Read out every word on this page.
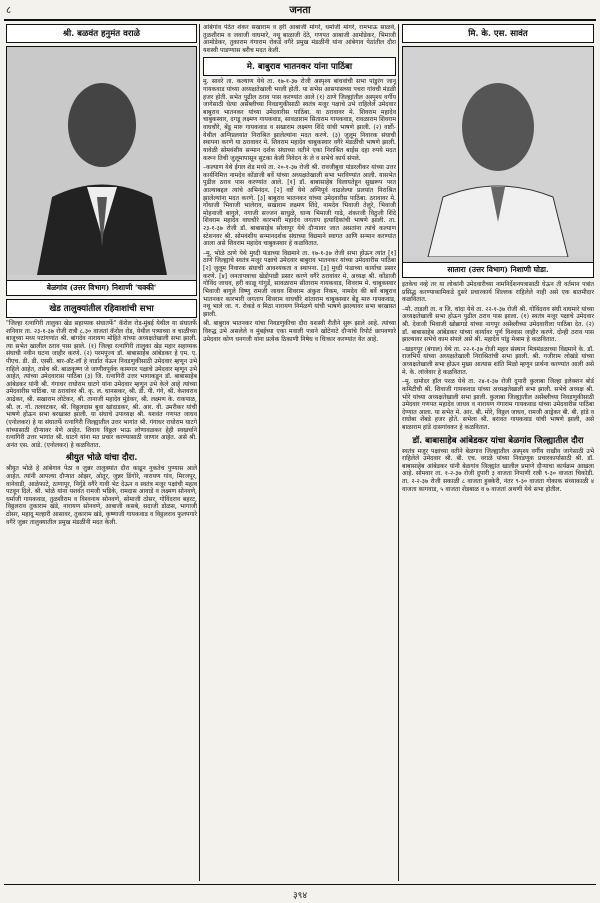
८	जनता
श्री. बळवंत हनुमंत वराळे
बेळगांव (उत्तर विभाग) निशाणी 'चक्की'
खेड तालुक्यांतील रहिवाशांची सभा

"जिल्हा रत्नागिरी तालुका खेड सहाय्यक संघातर्फे" कॅरोल रोड-मुंबई येथील या संघातर्फे शनिवार ता. २३-१-३७ रोजी रात्रौ ८.३० वाजतां कॅरोल रोड, येथील पत्र्याच्या व चाळीच्या बाजूच्या मध्य पटांगणांत श्री. बांगदेव नारायण मोहिते यांच्या अध्यक्षतेखाली सभा झाली. त्या सभेत खालील ठराव पास झाले. (१) जिल्हा रत्नागिरी तालुका खेड महार सहाय्यक संघाची नवीन घटना जाहीर करणे. (२) परमपूज्य डॉ. बाबासाहेब आंबेडकर हे एम. ए. पीएच. डी. डी. एस्सी. बार-अ‍ॅट-लॉ हे वार्डात येऊन निवडणुकीसाठी उमेदवार म्हणून उभे राहिले आहेत, तसेच श्री. बाळकृष्ण जे जाणीवपूर्वक कामगार पक्षाचे उमेदवार म्हणून उभे आहेत, त्यांच्या उमेदवारास पाठिंबा (३) जि. रत्नागिरी उत्तर भागाकडून डॉ. बाबासाहेब आंबेडकर यांनी श्री. गंगाधर राघोराम घाटगे यांना उमेदवार म्हणून उभे केले आहे त्यांच्या उमेदवारीस पाठिंबा. या ठरावांवर श्री. कृ. ल. धानसकर, श्री. डी. पी. गंगे, श्री. केशवराव आद्रेकर, श्री. सखाराम लोटेकर, श्री. तानाजी महादेव मुंडेकर, श्री. लक्ष्मण के. राकपाळ, श्री. ल. गो. तलवटकर, श्री. विठ्ठलदास बुवा खांदाडकर, श्री. आर. वी. उमरीकर यांची भाषणे होऊन सभा बरखास्त झाली. या संघाचे उपाध्यक्ष श्री. यशवंत गणपत जाधव (एनोलकर) हे या संघातर्फे रत्नागिरी जिल्ह्यातील उत्तर भागांत श्री. गंगाधर राघोराम घाटगे यांच्यासाठी दौऱ्यावर येणे आहेत. शिवाय विठ्ठल भाऊ लोणावळकर हेही स्वखर्चाने रत्नागिरी उत्तर भागांत श्री. घाटगे यांना मत प्रचार करण्यासाठी जाणार आहेत. असे श्री. अनंत एस. आडे. (एनोलकर) हे कळवितात.

श्रीयुत भोळे यांचा दौरा.

श्रीयुत भोळे हे आंबेगाव पेठा व जुन्नर तालुक्यांत दौरा काढून नुकतेच पुण्यास आले आहेत. त्यांनी आपल्या दौऱ्यात ओझर, ओतूर, जुन्नर डिंगोरे, नारायण गांव, मिरजपूर, वानेवाडी, आळेफाटे, ठाणापूर, निर्गुडे वगैरे गावी भेट देऊन व स्वतंत्र मजूर पक्षांची महत्व पटवून दिले. श्री. भोळे यांना यशवंत रामजी भडिके, रामदास आवाडे व लक्ष्मण सोनवणे, धर्माजी गायकवाड, तुळशीराम व विश्वनाथ सोनवणे, सोमाजी ठोसर, गोविंदराव बहरट, विठ्ठलराव तुकाराम खंडे, नारायण सोनवणे, आबाजी कसबे, सदाजी डोळस, भागाजी ठोसर, महादू मल्हारी आसावर, तुकाराम खंडे, कृष्णाजी गायकवाड व विठ्ठलराव फुलपगारे वगैरे जुन्नर तालुक्यातील प्रमुख मंडळींनी मदत केली.

आंबेगांव पेठेत शंकर सखाराम व हरी आबाजी मांगरे, धर्माजी मांगरे, रामभाऊ साळवे, तुळशीराम व जवाजी वाघमारे, नथू बाळाजी देठे, गणपत आबाजी आमोडेकर, भिमाजी आमोडेकर, तुकाराम गंगाराम रोकडे वगैरे प्रमुख मंडळींनी यांना आंबेगाव पेठांतील दौरा यशस्वी पाडण्यास बरीच मदत केली.

मे. बाबुराव भातनकर यांना पाठिंबा

मु. सावरे ता. कल्याण येथे ता. १७-१-३७ रोजी अस्पृश्य बांधवांची सभा पांडुरंग जानू गायकवाड यांच्या अध्यक्षतेखाली भरली होती. या सभेस आसपासच्या पचरा गांवची मंडळी हजर होती. सभेत पुढील ठराव पास करण्यांत आले (१) ठाणे जिल्ह्यांतील अस्पृश्य वर्गीय जागेसाठी धेत्या असेंब्लीच्या निवडणुकीसाठी स्वतंत्र मजूर पक्षाचे उभे राहिलेले उमेदवार बाबुराव भातनकर यांच्या उमेदवारीस पाठिंबा. या ठरावावर मे. शिवराम महादेव चाबुकस्वार, दगडू लक्ष्मण गायकवाड, सावळाराम सिताराम गायकवाड, रावळाराम शिवराम वाघचौरे, बेंडू मारु गायकवाड व सखाराम लक्ष्मण शिंदे यांची भाषणे झाली. (२) वर्ष्टोंः- येथील अग्निप्रलयांत निराश्रित झालेल्यांना मदत करणे. (३) जुलूम निवारक संघाची स्थापना करणे या ठरावावर मे. शिवराम महादेव चाबुकस्वार वगैरे मंडळींची भाषणे झाली. यावेळी सोमवंशीय सन्मान दर्शक संघाच्या वतीने एका निराश्रित बाईस दहा रुपये मदत करून तिची जुलूमापासून सुटका केली निवेदन के ले व सभेचे कार्य संपले.

–कल्याण येथे ईगल शेड मध्ये ता. २०-१-३७ रोजी श्री. रावजीबुवा पांडरलीकर यांच्या उत्तर कार्यनिमित्त नामदेव कोंडाजी बर्वे यांच्या अध्यक्षतेखाली सभा भरविण्यांत आली. यासभेत पुढील ठराव पास करण्यांत आले. [१] डॉ. बाबासाहेब विलायतेहून सुखरूप परत आल्याबद्दल त्यांचे अभिनंदन. [२] वर्ष्टे येथे अग्निपूर्व वाढलेल्या प्रलयांत निराश्रित झालेल्यांना मदत करणे. [३] बाबुराव भातनकर यांच्या उमेदवारीस पाठिंबा. ठरावावर मे. गोंधाजी भिवाजी भालेराव, सखाराम लक्ष्मण शिंदे, नामदेव भिवाजी तेलुरे, भिवाजी मोहनाजी बागुले, नगाजी सज्जन साधुळे, धान्य भिमाजी गाढे, शंकरजी विठुजी शिंदे शिवराम महादेव वाघचौरे कारभारी महादेव जगताप इत्यादिकांची भाषणे झाली. ता. २३-१-३७ रोजी डॉ. बाबासाहेब सोलापूर येथे दौऱ्यावर जात असतांना त्यांचे कल्याण स्टेशनवर श्री. सोमवंशीय सन्मानदर्शक संघाच्या विद्यमाने स्वागत आणि सन्मान करण्यांत आला असे शिवराम महादेव चाबुकस्वार हे कळवितात.

–मु. भोळे ठाणे येथे मुध्दी फंडाच्या विद्यमाने ता. १७-१-३७ रोजी सभा होऊन त्यांत [१] ठाणे जिल्ह्याचे स्वतंत्र मजूर पक्षाचे उमेदवार बाबुराव भातनकर यांच्या उमेदवारीस पाठिंबा [२] जुलूम निवारक संघाची आवश्यकता व स्थापना. [३] मुध्दी फंडाच्या कार्याचा प्रसार करणे. [४] जनतापत्राचा खेडोपाडी प्रसार करणे वगैरे ठरावांवर मे. अध्यक्ष श्री. कोंडाजी गोविंद जाधव, हरी काळू गांगुर्डे, सावळाराम सीताराम गायकवाड, शिवराम मे. चाबुकस्वार भिवाजी बागुले विष्णु रामजी जाधव शिवराम अंकुश निकम, नामदेव की बर्वे बाबुराव भातनकर कारभारी जगताप शिवराम वाघचौरे शांताराम चाबुकस्वार बेंडू मारु गायकवाड, नथू भाले जा. ग. रोकडे व मिठा नारायण निर्मळणे यांची भाषणे झाल्यावर सभा बरखास्त झाली.

श्री. बाबुराव भातनकर यांचा निवडणुकीचा दौरा यशस्वी रीतीने सुरू झाले आहे. त्यांच्या विरुद्ध उभे असलेले व मुंबईच्या एका मवाली पत्राने खोटेनाटे दौऱ्यांचे रिपोर्ट छापवणारे उमेदवार कोण धनगजी यांना प्रत्येक ठिकाणी निषेध व धिःकार करण्यांत येत आहे.

मि. के. एस. सावंत
सातारा (उत्तर विभाग) निशाणी घोडा.

इतकेच नव्हे तर या लोकांनी उमेदवारीच्या नामनिर्देशनपत्रासाठी घेऊन ती वर्तमान पत्रांत प्रसिद्ध करण्याकामिकडे दुसरे प्रचारकार्य शिल्लक राहिलेले नाही असे एक बातमीदार कळवितात.

–मौ. ताडली ता. व जि. चांदा येथे ता. २२-१-३७ रोजी श्री. गोविंदराव संघी वाघमारे यांच्या अध्यक्षतेखाली सभा होऊन पुढील ठराव पास झाला. (१) स्वतंत्र मजूर पक्षाचे उमेदवार श्री. देवाजी भिवाजी खोब्रागडे यांच्या नागपूर असेंब्लीच्या उमेदवारीला पाठिंबा देत. (२) डॉ. बाबासाहेब आंबेडकर यांच्या कार्यावर पूर्ण विश्वास जाहीर करणे. दोन्ही ठराव पास झाल्यावर सभेचे काम संपले असे श्री. महादेव पांडु मेश्राम हे कळवितात.

–खडगपूर (बंगाल) येथे ता. २२-१-३७ रोजी महार संस्थान मित्रमंडळाच्या विद्यमाने के. डॉ. राजभिये यांच्या अध्यक्षतेखाली निराश्रितांची सभा झाली. श्री. गजीराम लोखंडे यांच्या अध्यक्षतेखाली सभा होऊन मुख्य आत्यास शांति मिळो म्हणून प्रार्थना करण्यांत आली असे मे. के. लांजेवार हे कळवितात.

–मु. दामोदर हॉल परळ येथे ता. २४-१-३७ रोजी दुपारी कुलाबा जिल्हा इलेक्शन बोर्ड कमिटीची श्री. शिवाजी गायकवाड यांच्या अध्यक्षतेखाली सभा झाली. सभेचे अध्यक्ष श्री. भोरे यांच्या अध्यक्षतेखाली सभा झाली. कुलाबा जिल्ह्यातील असेंब्लीच्या निवडणुकीसाठी उमेदवार गणपत महादेव जाधव व नारायण गंगाराम गायकवाड यांच्या उमेदवारीस पाठिंबा देण्यात आला. या सभेत मे. आर. बी. मोरे, विठ्ठल जाधव, रामजी आड्रेकर बी. बी. हांडे व राघोबा शेंबडे हजर होते. सभेला श्री. बरावत गायकवाड यांची भाषणे झाली, असे बाळाराम हांडे दासगांवकर हे कळवितात.

डॉ. बाबासाहेब आंबेडकर यांचा बेळगांव जिल्ह्यातील दौरा

स्वतंत्र मजूर पक्षाच्या वतीने बेळगाव जिल्ह्यातील अस्पृश्य वर्गीय राखीव जागेसाठी उभे राहिलेले उमेदवार श्री. बी. एच. वराळे यांच्या निवडणूक प्रचारकार्यासाठी श्री. डॉ. बाबासाहेब आंबेडकर यांनी बेळगांव जिल्ह्यांत खालील प्रमाणे दौऱ्याचा कार्यक्रम आखला आहे. सोमवार ता. १-२-३७ रोजी दुपारी ३ वाजता निपाणी रात्री ९-३० वाजता चिकोडी. ता. २-२-३७ रोजी सकाळी ८ वाजता हुक्केरी, नंतर ९-३० वाजता गोकाक संध्याकाळी ४ वाजता कागवाड, ५ वाजता शेडबाळ व ७ वाजतां अथणी येथे सभा होतील.

३९४
